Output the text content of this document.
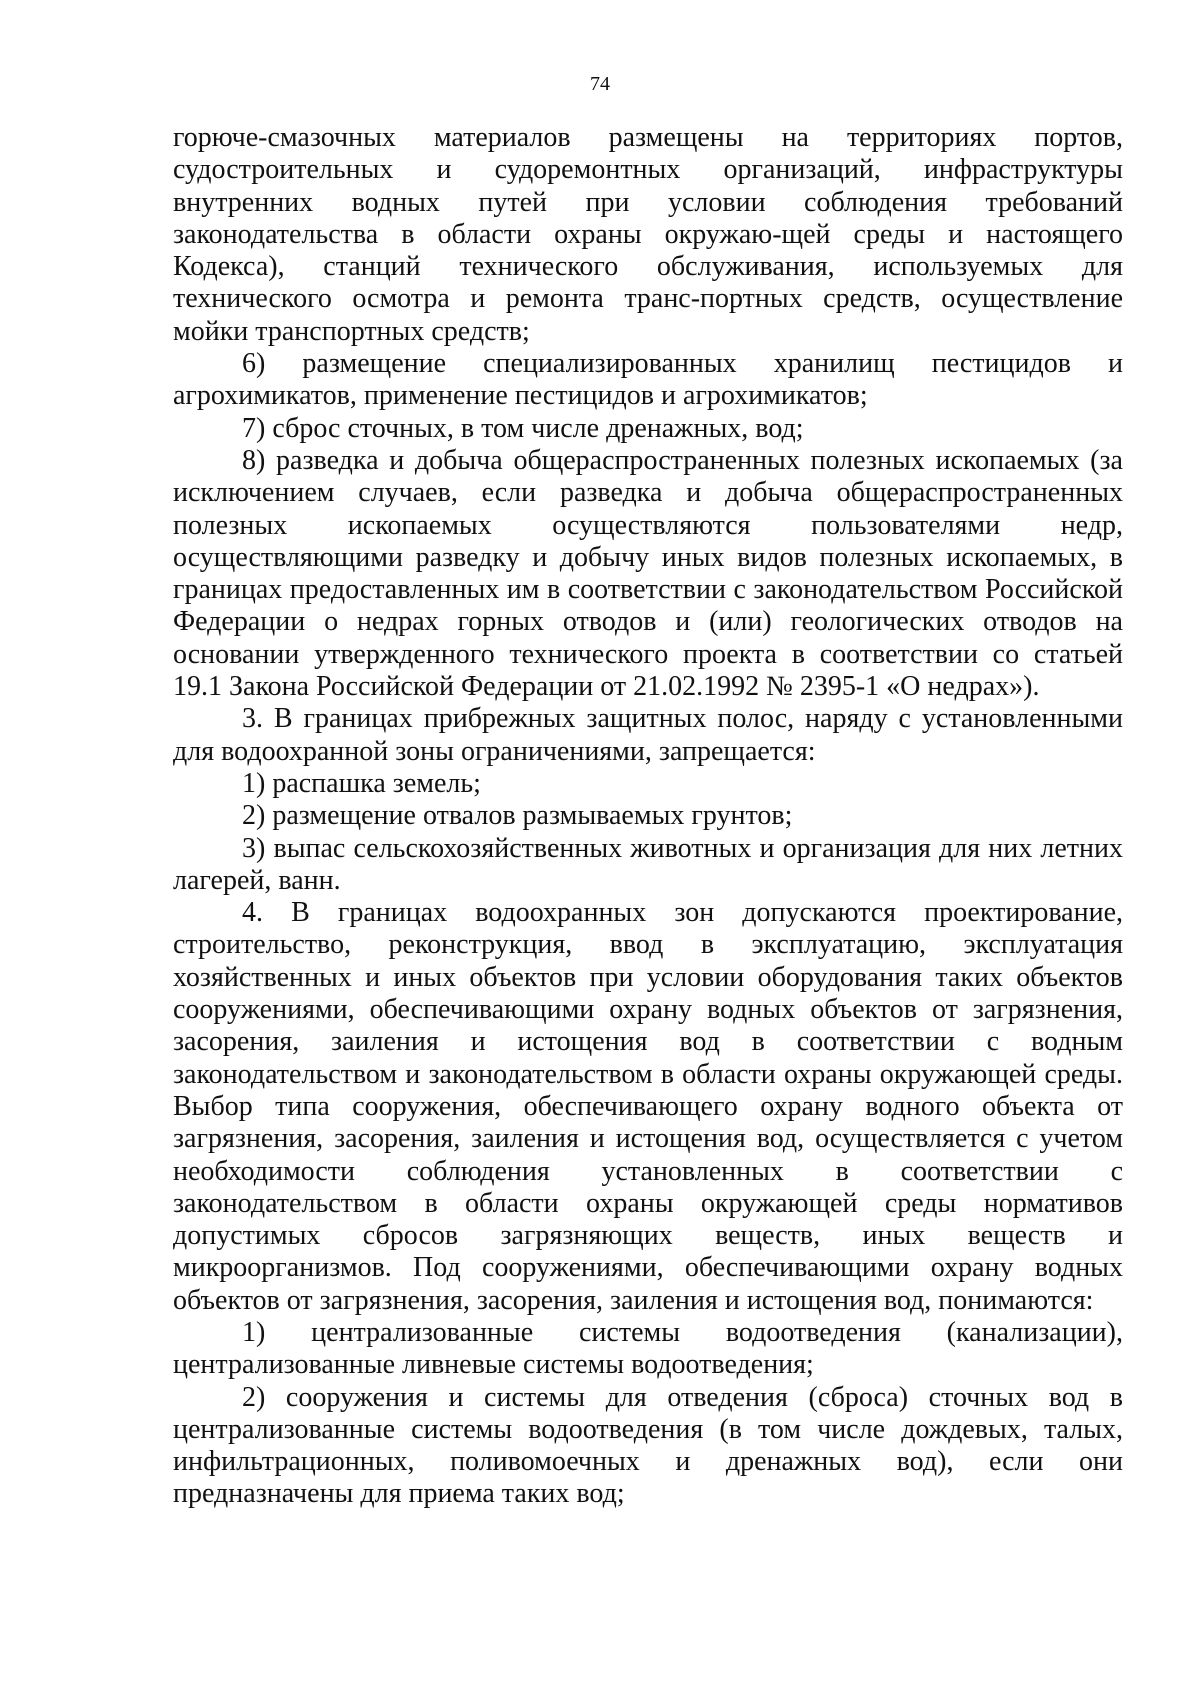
74

горюче-смазочных материалов размещены на территориях портов, судостроительных и судоремонтных организаций, инфраструктуры внутренних водных путей при условии соблюдения требований законодательства в области охраны окружаю-щей среды и настоящего Кодекса), станций технического обслуживания, используемых для технического осмотра и ремонта транс-портных средств, осуществление мойки транспортных средств;

6) размещение специализированных хранилищ пестицидов и агрохимикатов, применение пестицидов и агрохимикатов;

7) сброс сточных, в том числе дренажных, вод;

8) разведка и добыча общераспространенных полезных ископаемых (за исключением случаев, если разведка и добыча общераспространенных полезных ископаемых осуществляются пользователями недр, осуществляющими разведку и добычу иных видов полезных ископаемых, в границах предоставленных им в соответствии с законодательством Российской Федерации о недрах горных отводов и (или) геологических отводов на основании утвержденного технического проекта в соответствии со статьей 19.1 Закона Российской Федерации от 21.02.1992 № 2395-1 «О недрах»).

3. В границах прибрежных защитных полос, наряду с установленными для водоохранной зоны ограничениями, запрещается:

1) распашка земель;

2) размещение отвалов размываемых грунтов;

3) выпас сельскохозяйственных животных и организация для них летних лагерей, ванн.

4. В границах водоохранных зон допускаются проектирование, строительство, реконструкция, ввод в эксплуатацию, эксплуатация хозяйственных и иных объектов при условии оборудования таких объектов сооружениями, обеспечивающими охрану водных объектов от загрязнения, засорения, заиления и истощения вод в соответствии с водным законодательством и законодательством в области охраны окружающей среды. Выбор типа сооружения, обеспечивающего охрану водного объекта от загрязнения, засорения, заиления и истощения вод, осуществляется с учетом необходимости соблюдения установленных в соответствии с законодательством в области охраны окружающей среды нормативов допустимых сбросов загрязняющих веществ, иных веществ и микроорганизмов. Под сооружениями, обеспечивающими охрану водных объектов от загрязнения, засорения, заиления и истощения вод, понимаются:

1) централизованные системы водоотведения (канализации), централизованные ливневые системы водоотведения;

2) сооружения и системы для отведения (сброса) сточных вод в централизованные системы водоотведения (в том числе дождевых, талых, инфильтрационных, поливомоечных и дренажных вод), если они предназначены для приема таких вод;
